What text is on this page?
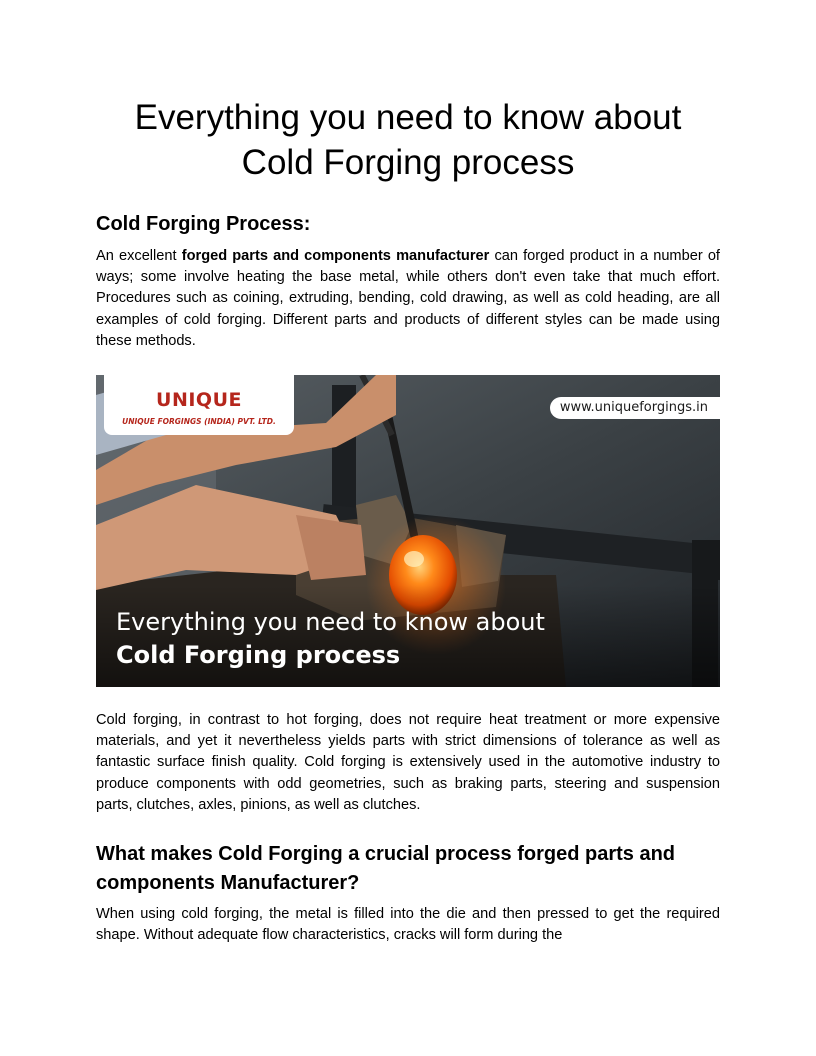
Everything you need to know about Cold Forging process
Cold Forging Process:

An excellent forged parts and components manufacturer can forged product in a number of ways; some involve heating the base metal, while others don't even take that much effort. Procedures such as coining, extruding, bending, cold drawing, as well as cold heading, are all examples of cold forging. Different parts and products of different styles can be made using these methods.

UNIQUE
UNIQUE FORGINGS (INDIA) PVT. LTD.
www.uniqueforgings.in
Everything you need to know about
Cold Forging process

Cold forging, in contrast to hot forging, does not require heat treatment or more expensive materials, and yet it nevertheless yields parts with strict dimensions of tolerance as well as fantastic surface finish quality. Cold forging is extensively used in the automotive industry to produce components with odd geometries, such as braking parts, steering and suspension parts, clutches, axles, pinions, as well as clutches.

What makes Cold Forging a crucial process forged parts and components Manufacturer?

When using cold forging, the metal is filled into the die and then pressed to get the required shape. Without adequate flow characteristics, cracks will form during the
